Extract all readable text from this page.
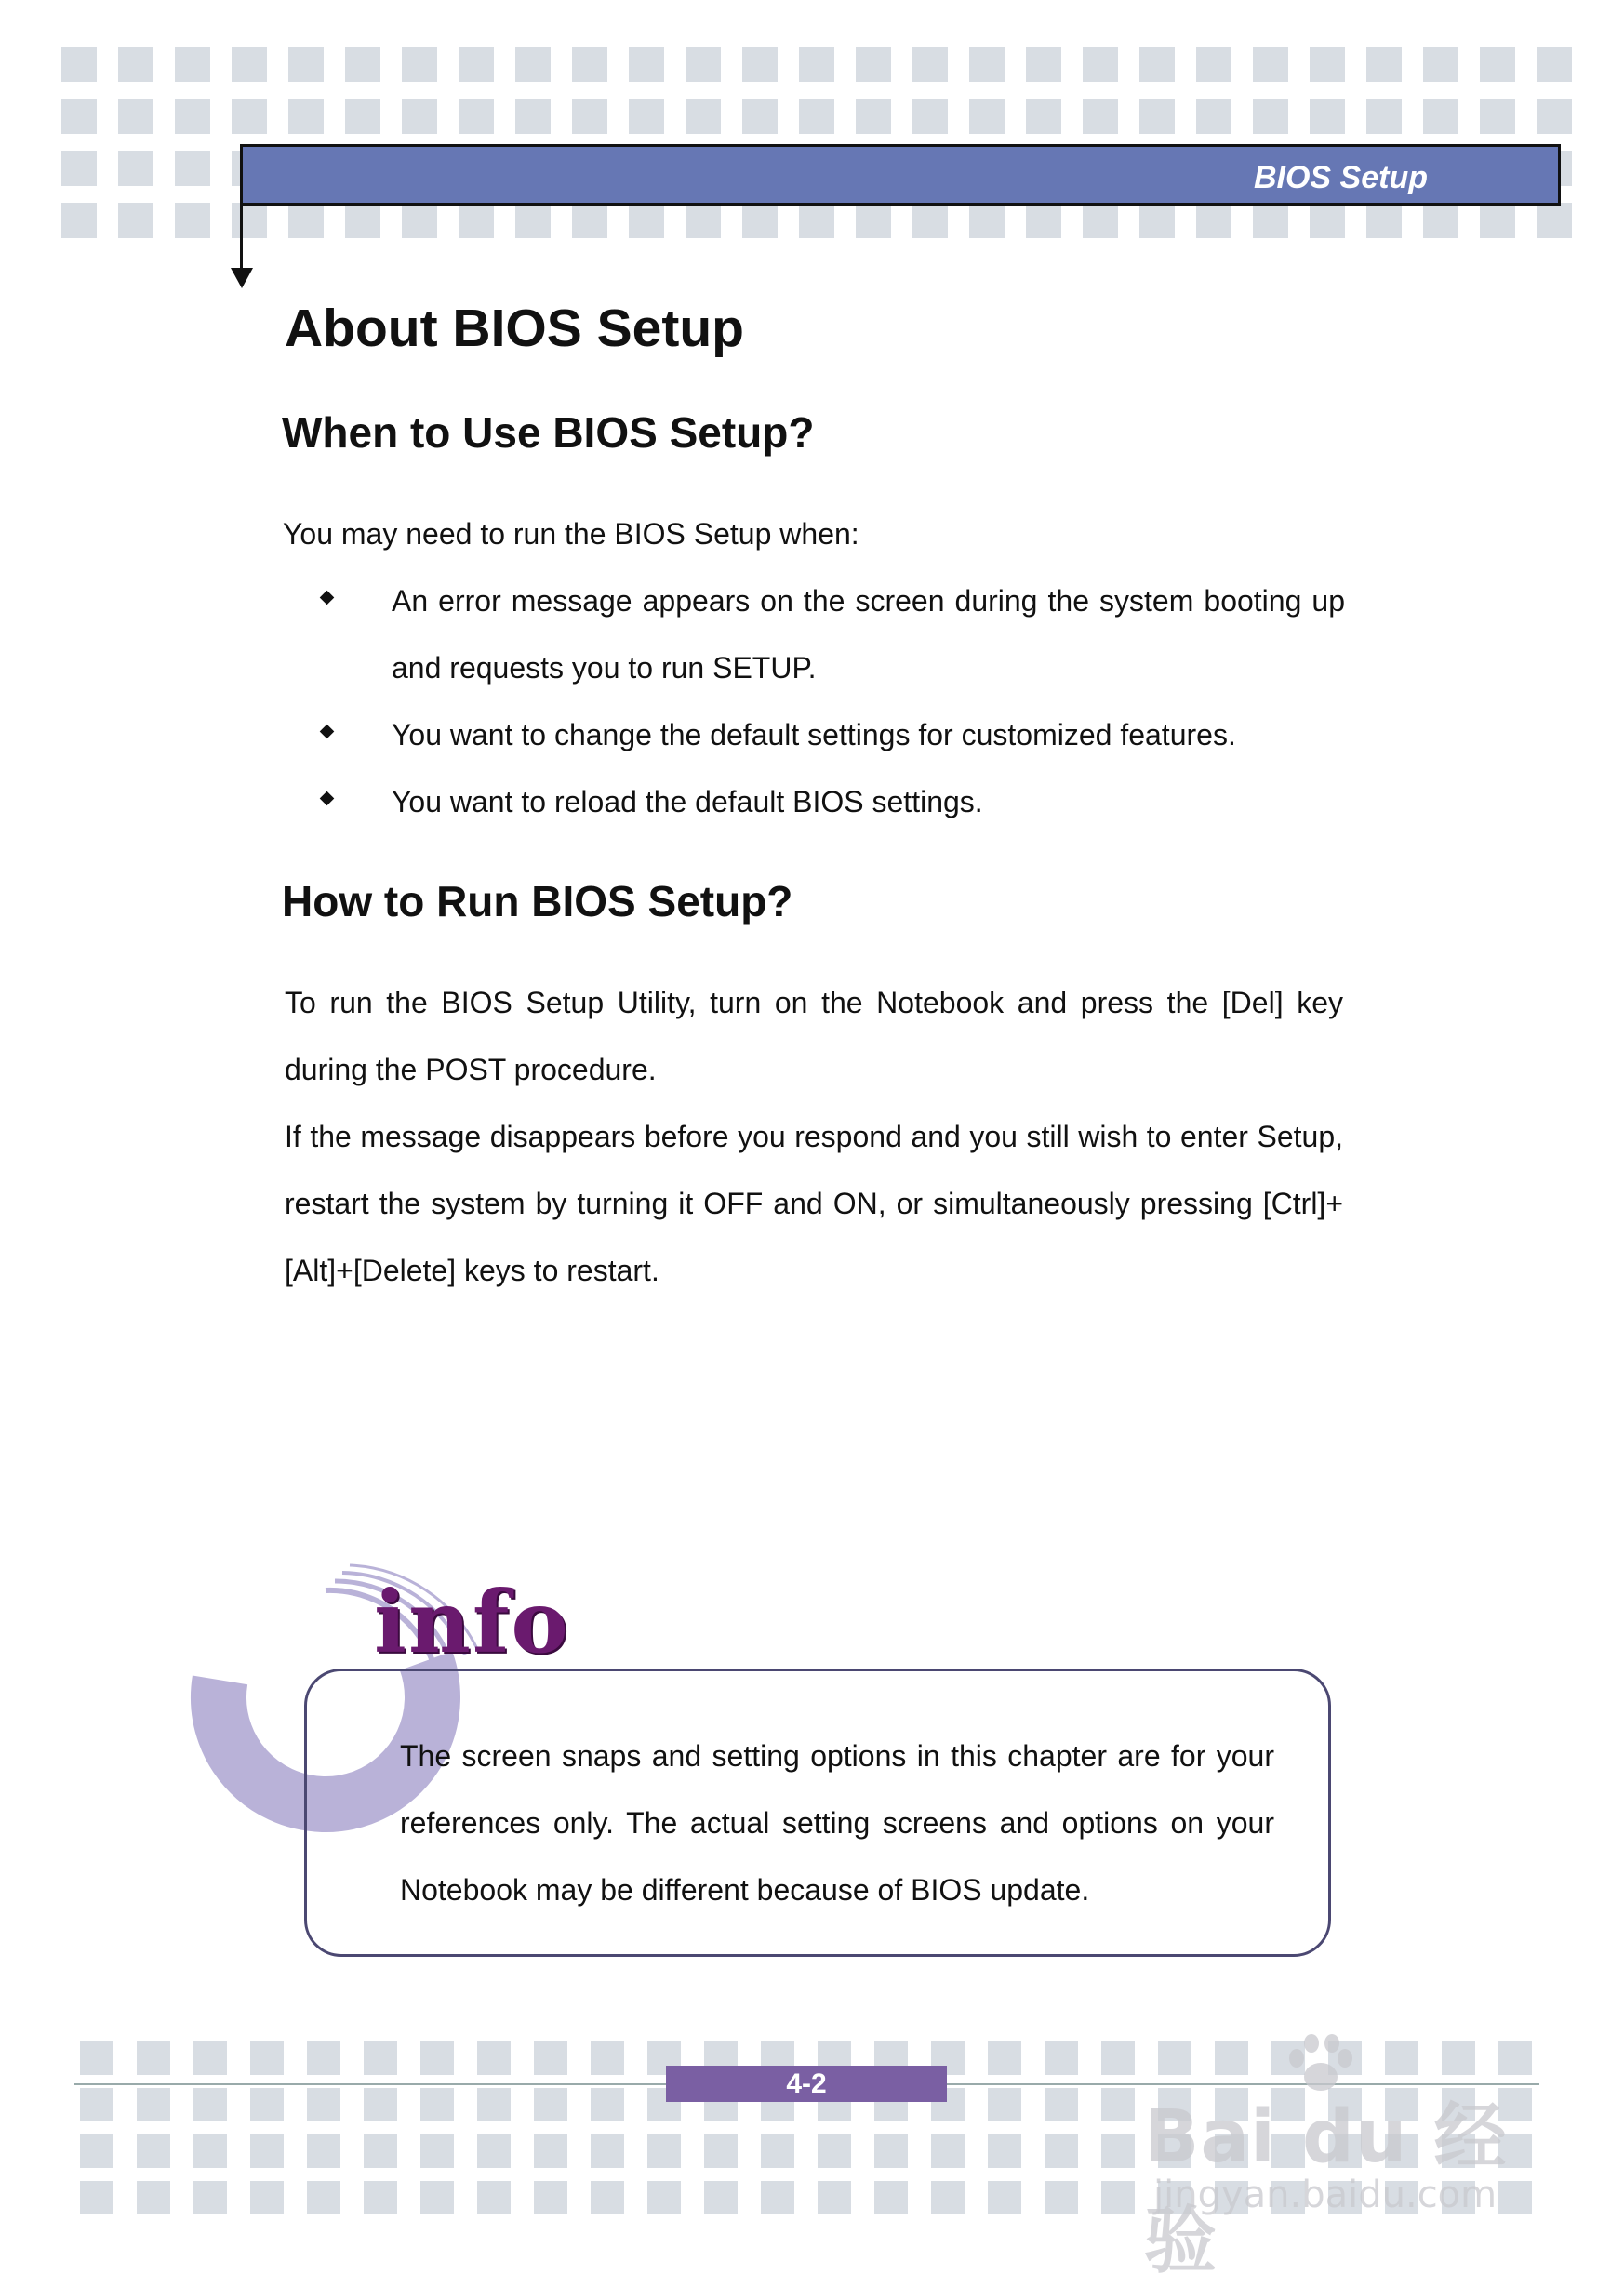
BIOS Setup
About BIOS Setup
When to Use BIOS Setup?

You may need to run the BIOS Setup when:

An error message appears on the screen during the system booting up and requests you to run SETUP.
You want to change the default settings for customized features.
You want to reload the default BIOS settings.
How to Run BIOS Setup?

To run the BIOS Setup Utility, turn on the Notebook and press the [Del] key during the POST procedure.

If the message disappears before you respond and you still wish to enter Setup, restart the system by turning it OFF and ON, or simultaneously pressing [Ctrl]+[Alt]+[Delete] keys to restart.

info

The screen snaps and setting options in this chapter are for your references only. The actual setting screens and options on your Notebook may be different because of BIOS update.

4-2
Bai du 经验
jingyan.baidu.com
